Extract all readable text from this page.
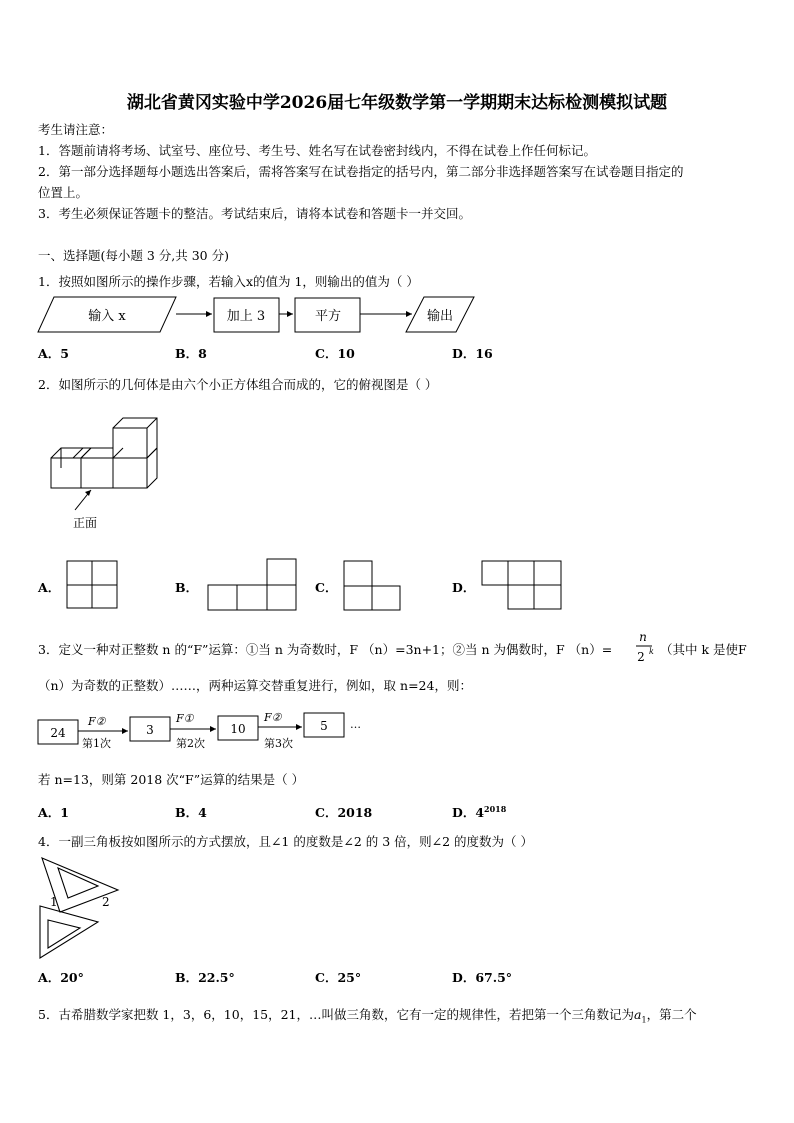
湖北省黄冈实验中学2026届七年级数学第一学期期末达标检测模拟试题
考生请注意：
1．答题前请将考场、试室号、座位号、考生号、姓名写在试卷密封线内，不得在试卷上作任何标记。
2．第一部分选择题每小题选出答案后，需将答案写在试卷指定的括号内，第二部分非选择题答案写在试卷题目指定的
位置上。
3．考生必须保证答题卡的整洁。考试结束后，请将本试卷和答题卡一并交回。
一、选择题(每小题 3 分,共 30 分)
1．按照如图所示的操作步骤，若输入x的值为 1，则输出的值为（ ）
输入 x	加上 3	平方	输出
A．5	B．8	C．10	D．16
2．如图所示的几何体是由六个小正方体组合而成的，它的俯视图是（ ）
正面
A．	B．	C．	D．
3．定义一种对正整数 n 的“F”运算：①当 n 为奇数时，F （n）=3n+1；②当 n 为偶数时，F （n）=
n
2 k （其中 k 是使F
（n）为奇数的正整数）……，两种运算交替重复进行，例如，取 n=24，则：
24	3	10	5
F②	F①	F②
第1次	第2次	第3次
…
若 n=13，则第 2018 次“F”运算的结果是（ ）
A．1	B．4	C．2018	D．$4^{2018}$
4．一副三角板按如图所示的方式摆放，且∠1 的度数是∠2 的 3 倍，则∠2 的度数为（ ）
1	2
A．20°	B．22.5°	C．25°	D．67.5°
5．古希腊数学家把数 1，3，6，10，15，21，…叫做三角数，它有一定的规律性，若把第一个三角数记为$a_1$，第二个
